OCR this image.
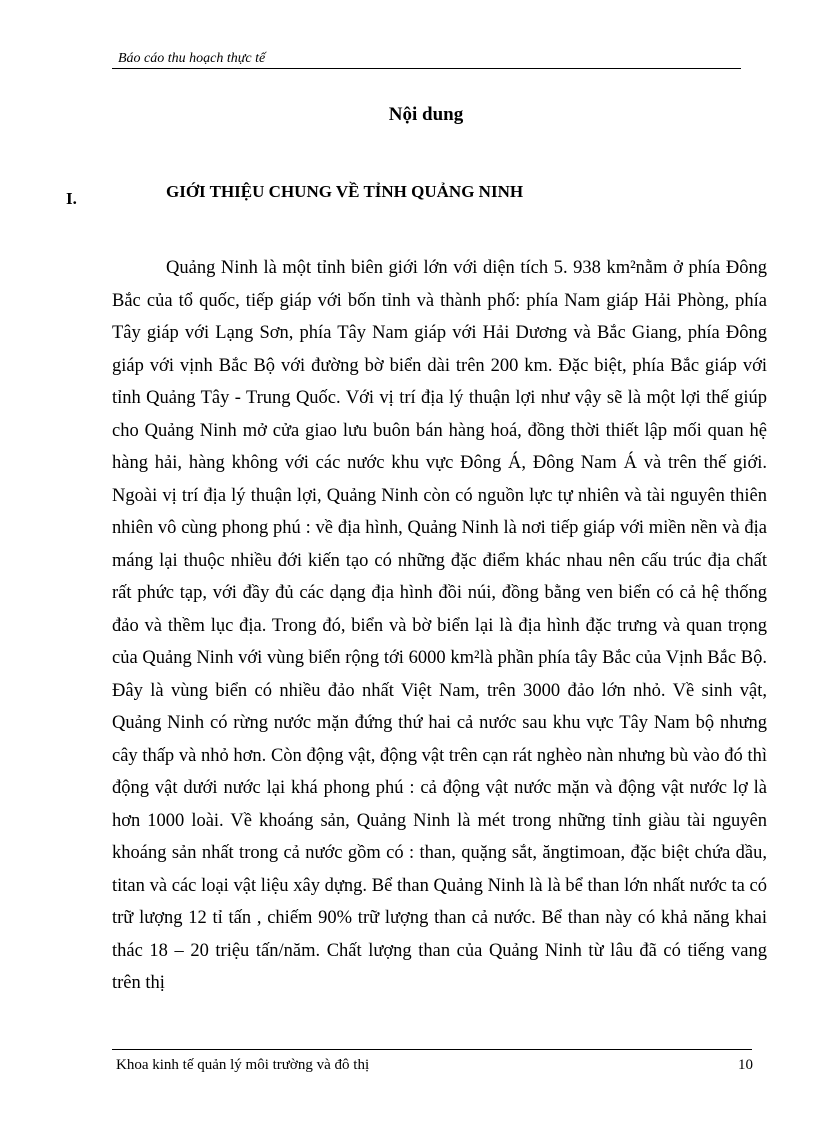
Báo cáo thu hoạch thực tế

Nội dung
I.	GIỚI THIỆU CHUNG VỀ TỈNH QUẢNG NINH

Quảng Ninh là một tỉnh biên giới lớn với diện tích 5. 938 km²nằm ở phía Đông Bắc của tổ quốc, tiếp giáp với bốn tỉnh và thành phố: phía Nam giáp Hải Phòng, phía Tây giáp với Lạng Sơn, phía Tây Nam giáp với Hải Dương và Bắc Giang, phía Đông giáp với vịnh Bắc Bộ với đường bờ biển dài trên 200 km. Đặc biệt, phía Bắc giáp với tỉnh Quảng Tây - Trung Quốc. Với vị trí địa lý thuận lợi như vậy sẽ là một lợi thế giúp cho Quảng Ninh mở cửa giao lưu buôn bán hàng hoá, đồng thời thiết lập mối quan hệ hàng hải, hàng không với các nước khu vực Đông Á, Đông Nam Á và trên thế giới. Ngoài vị trí địa lý thuận lợi, Quảng Ninh còn có nguồn lực tự nhiên và tài nguyên thiên nhiên vô cùng phong phú : về địa hình, Quảng Ninh là nơi tiếp giáp với miền nền và địa máng lại thuộc nhiều đới kiến tạo có những đặc điểm khác nhau nên cấu trúc địa chất rất phức tạp, với đầy đủ các dạng địa hình đồi núi, đồng bằng ven biển có cả hệ thống đảo và thềm lục địa. Trong đó, biển và bờ biển lại là địa hình đặc trưng và quan trọng của Quảng Ninh với vùng biển rộng tới 6000 km²là phần phía tây Bắc của Vịnh Bắc Bộ. Đây là vùng biển có nhiều đảo nhất Việt Nam, trên 3000 đảo lớn nhỏ. Về sinh vật, Quảng Ninh có rừng nước mặn đứng thứ hai cả nước sau khu vực Tây Nam bộ nhưng cây thấp và nhỏ hơn. Còn động vật, động vật trên cạn rát nghèo nàn nhưng bù vào đó thì động vật dưới nước lại khá phong phú : cả động vật nước mặn và động vật nước lợ là hơn 1000 loài. Về khoáng sản, Quảng Ninh là mét trong những tỉnh giàu tài nguyên khoáng sản nhất trong cả nước gồm có : than, quặng sắt, ăngtimoan, đặc biệt chứa dầu, titan và các loại vật liệu xây dựng. Bể than Quảng Ninh là là bể than lớn nhất nước ta có trữ lượng 12 tỉ tấn , chiếm 90% trữ lượng than cả nước. Bể than này có khả năng khai thác 18 – 20 triệu tấn/năm. Chất lượng than của Quảng Ninh từ lâu đã có tiếng vang trên thị

Khoa kinh tế quản lý môi trường và đô thị	10
